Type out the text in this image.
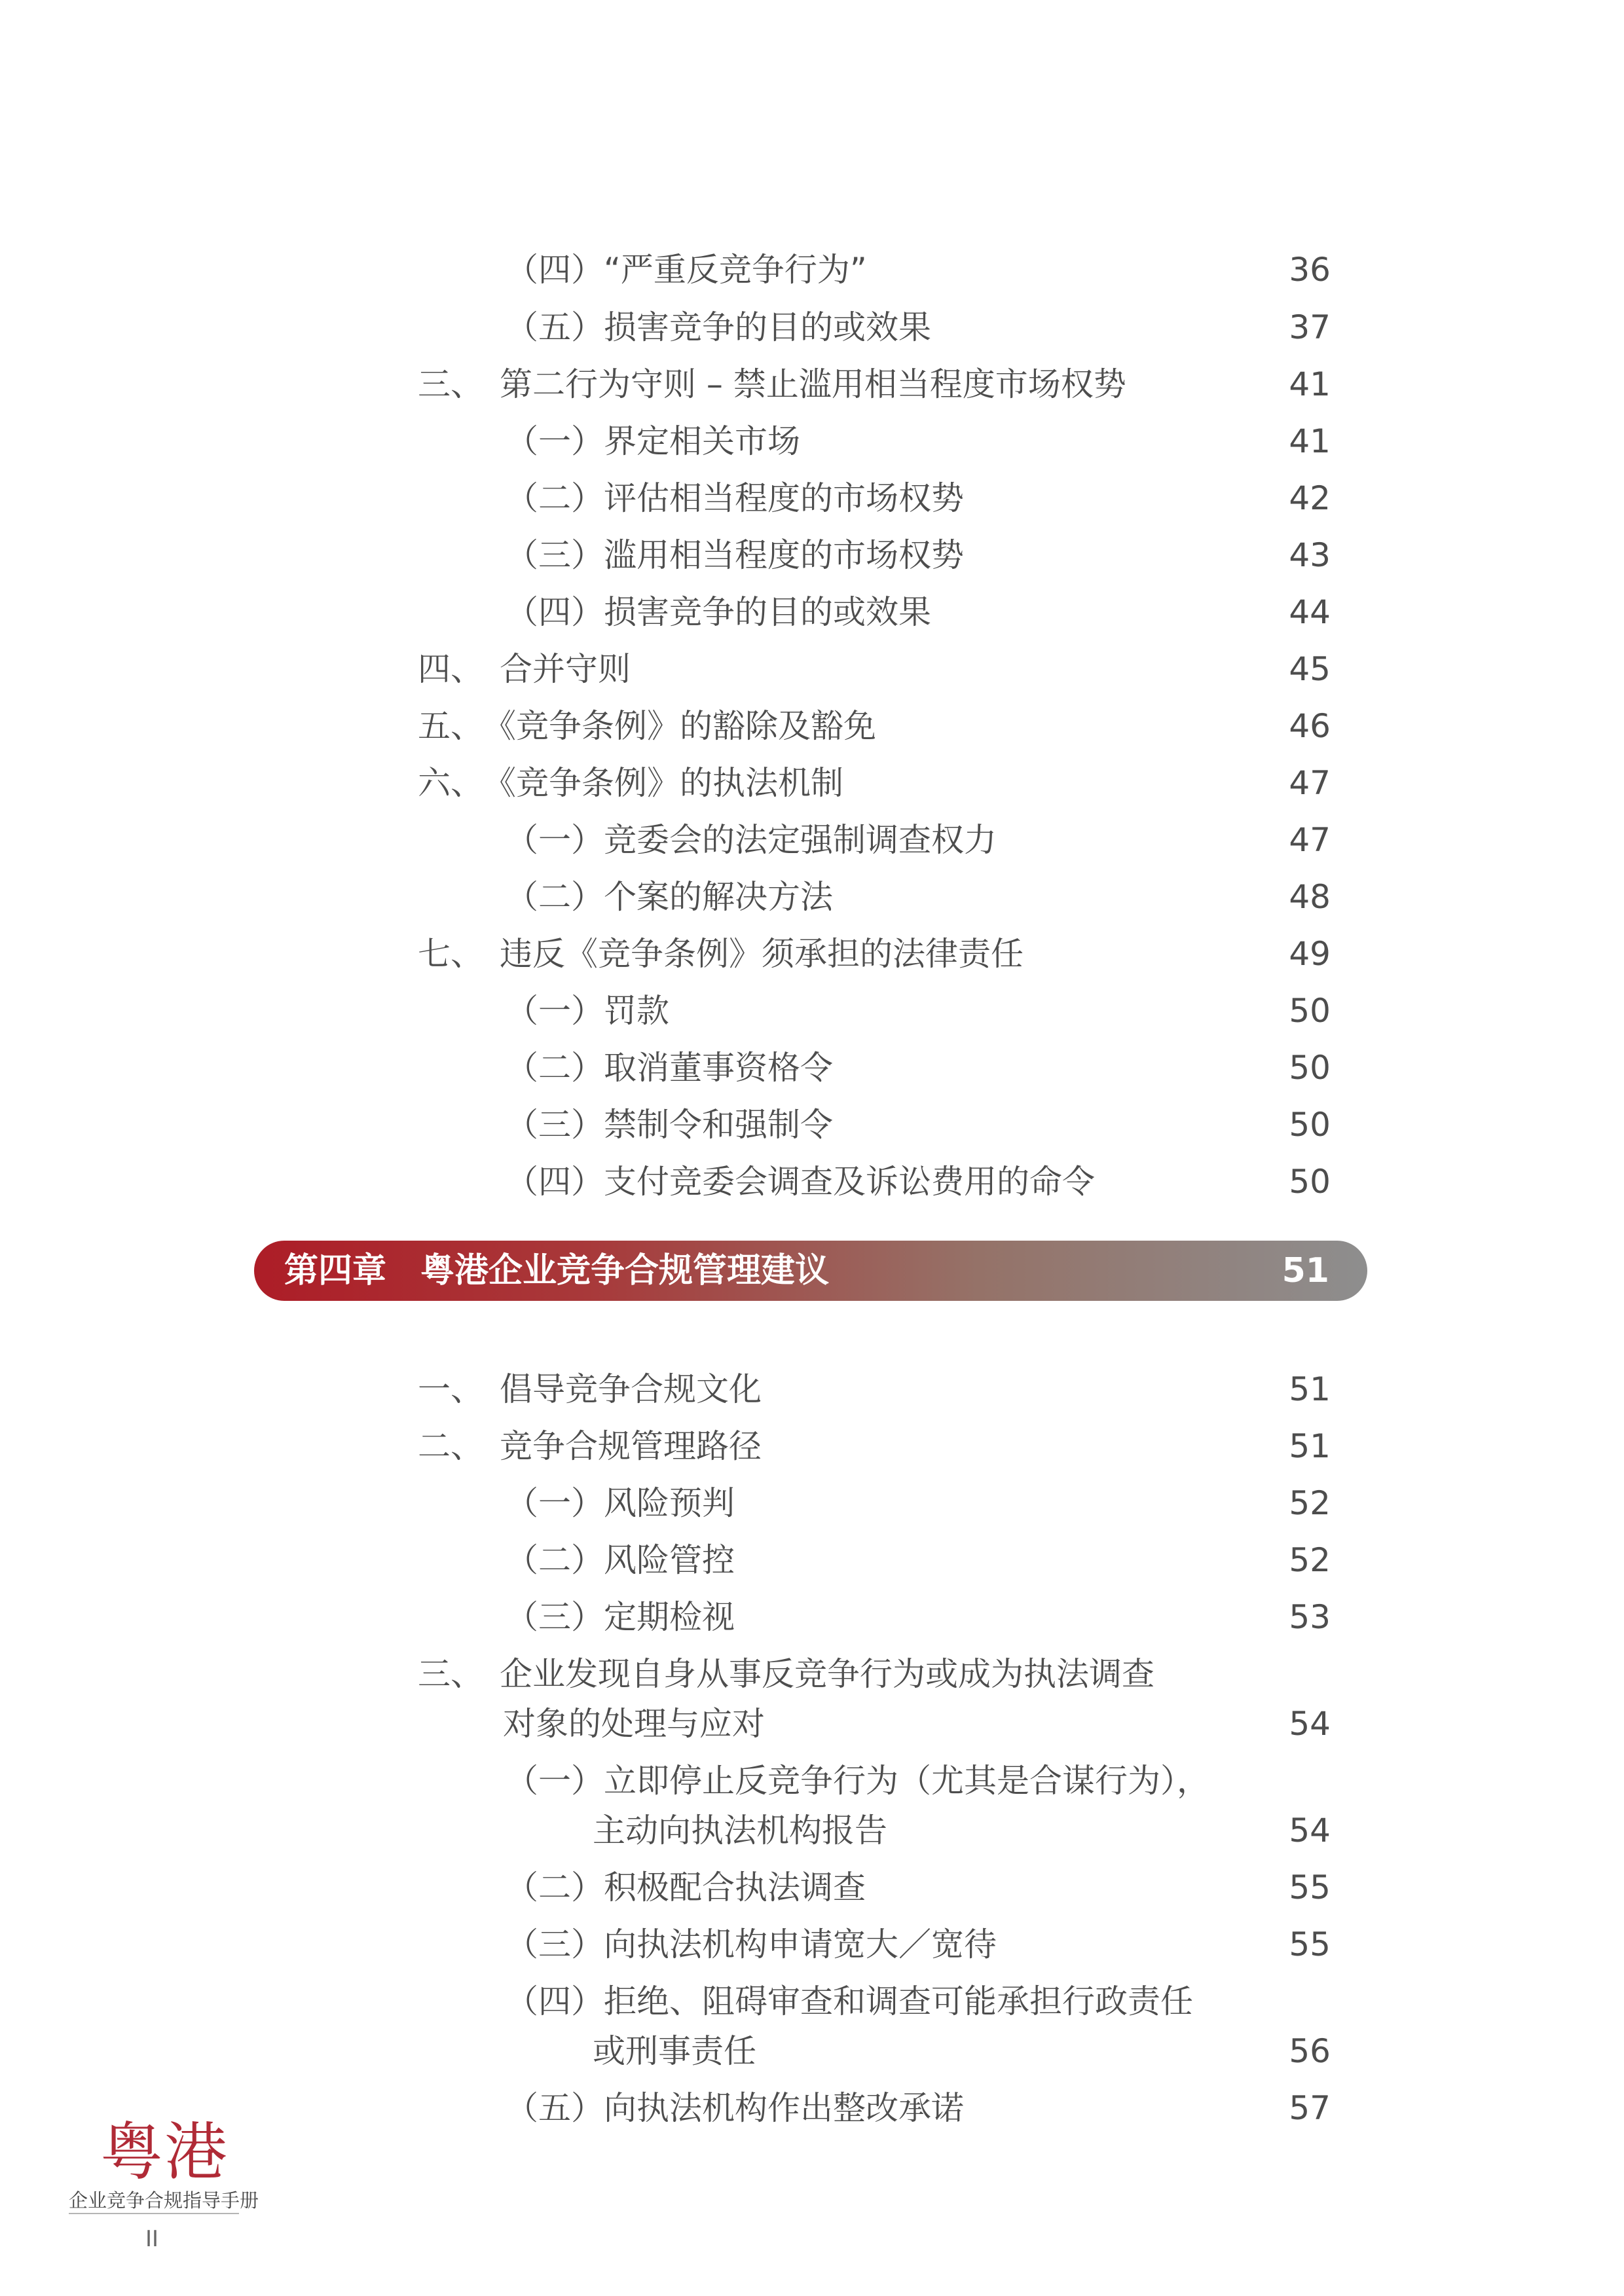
（四）“严重反竞争行为”	36
（五）损害竞争的目的或效果	37
三、　第二行为守则 – 禁止滥用相当程度市场权势	41
（一）界定相关市场	41
（二）评估相当程度的市场权势	42
（三）滥用相当程度的市场权势	43
（四）损害竞争的目的或效果	44
四、　合并守则	45
五、　《竞争条例》的豁除及豁免	46
六、　《竞争条例》的执法机制	47
（一）竞委会的法定强制调查权力	47
（二）个案的解决方法	48
七、　违反《竞争条例》须承担的法律责任	49
（一）罚款	50
（二）取消董事资格令	50
（三）禁制令和强制令	50
（四）支付竞委会调查及诉讼费用的命令	50
第四章　粤港企业竞争合规管理建议	51
一、　倡导竞争合规文化	51
二、　竞争合规管理路径	51
（一）风险预判	52
（二）风险管控	52
（三）定期检视	53
三、　企业发现自身从事反竞争行为或成为执法调查
对象的处理与应对	54
（一）立即停止反竞争行为（尤其是合谋行为），
主动向执法机构报告	54
（二）积极配合执法调查	55
（三）向执法机构申请宽大／宽待	55
（四）拒绝、阻碍审查和调查可能承担行政责任
或刑事责任	56
（五）向执法机构作出整改承诺	57
粤港
企业竞争合规指导手册
II
